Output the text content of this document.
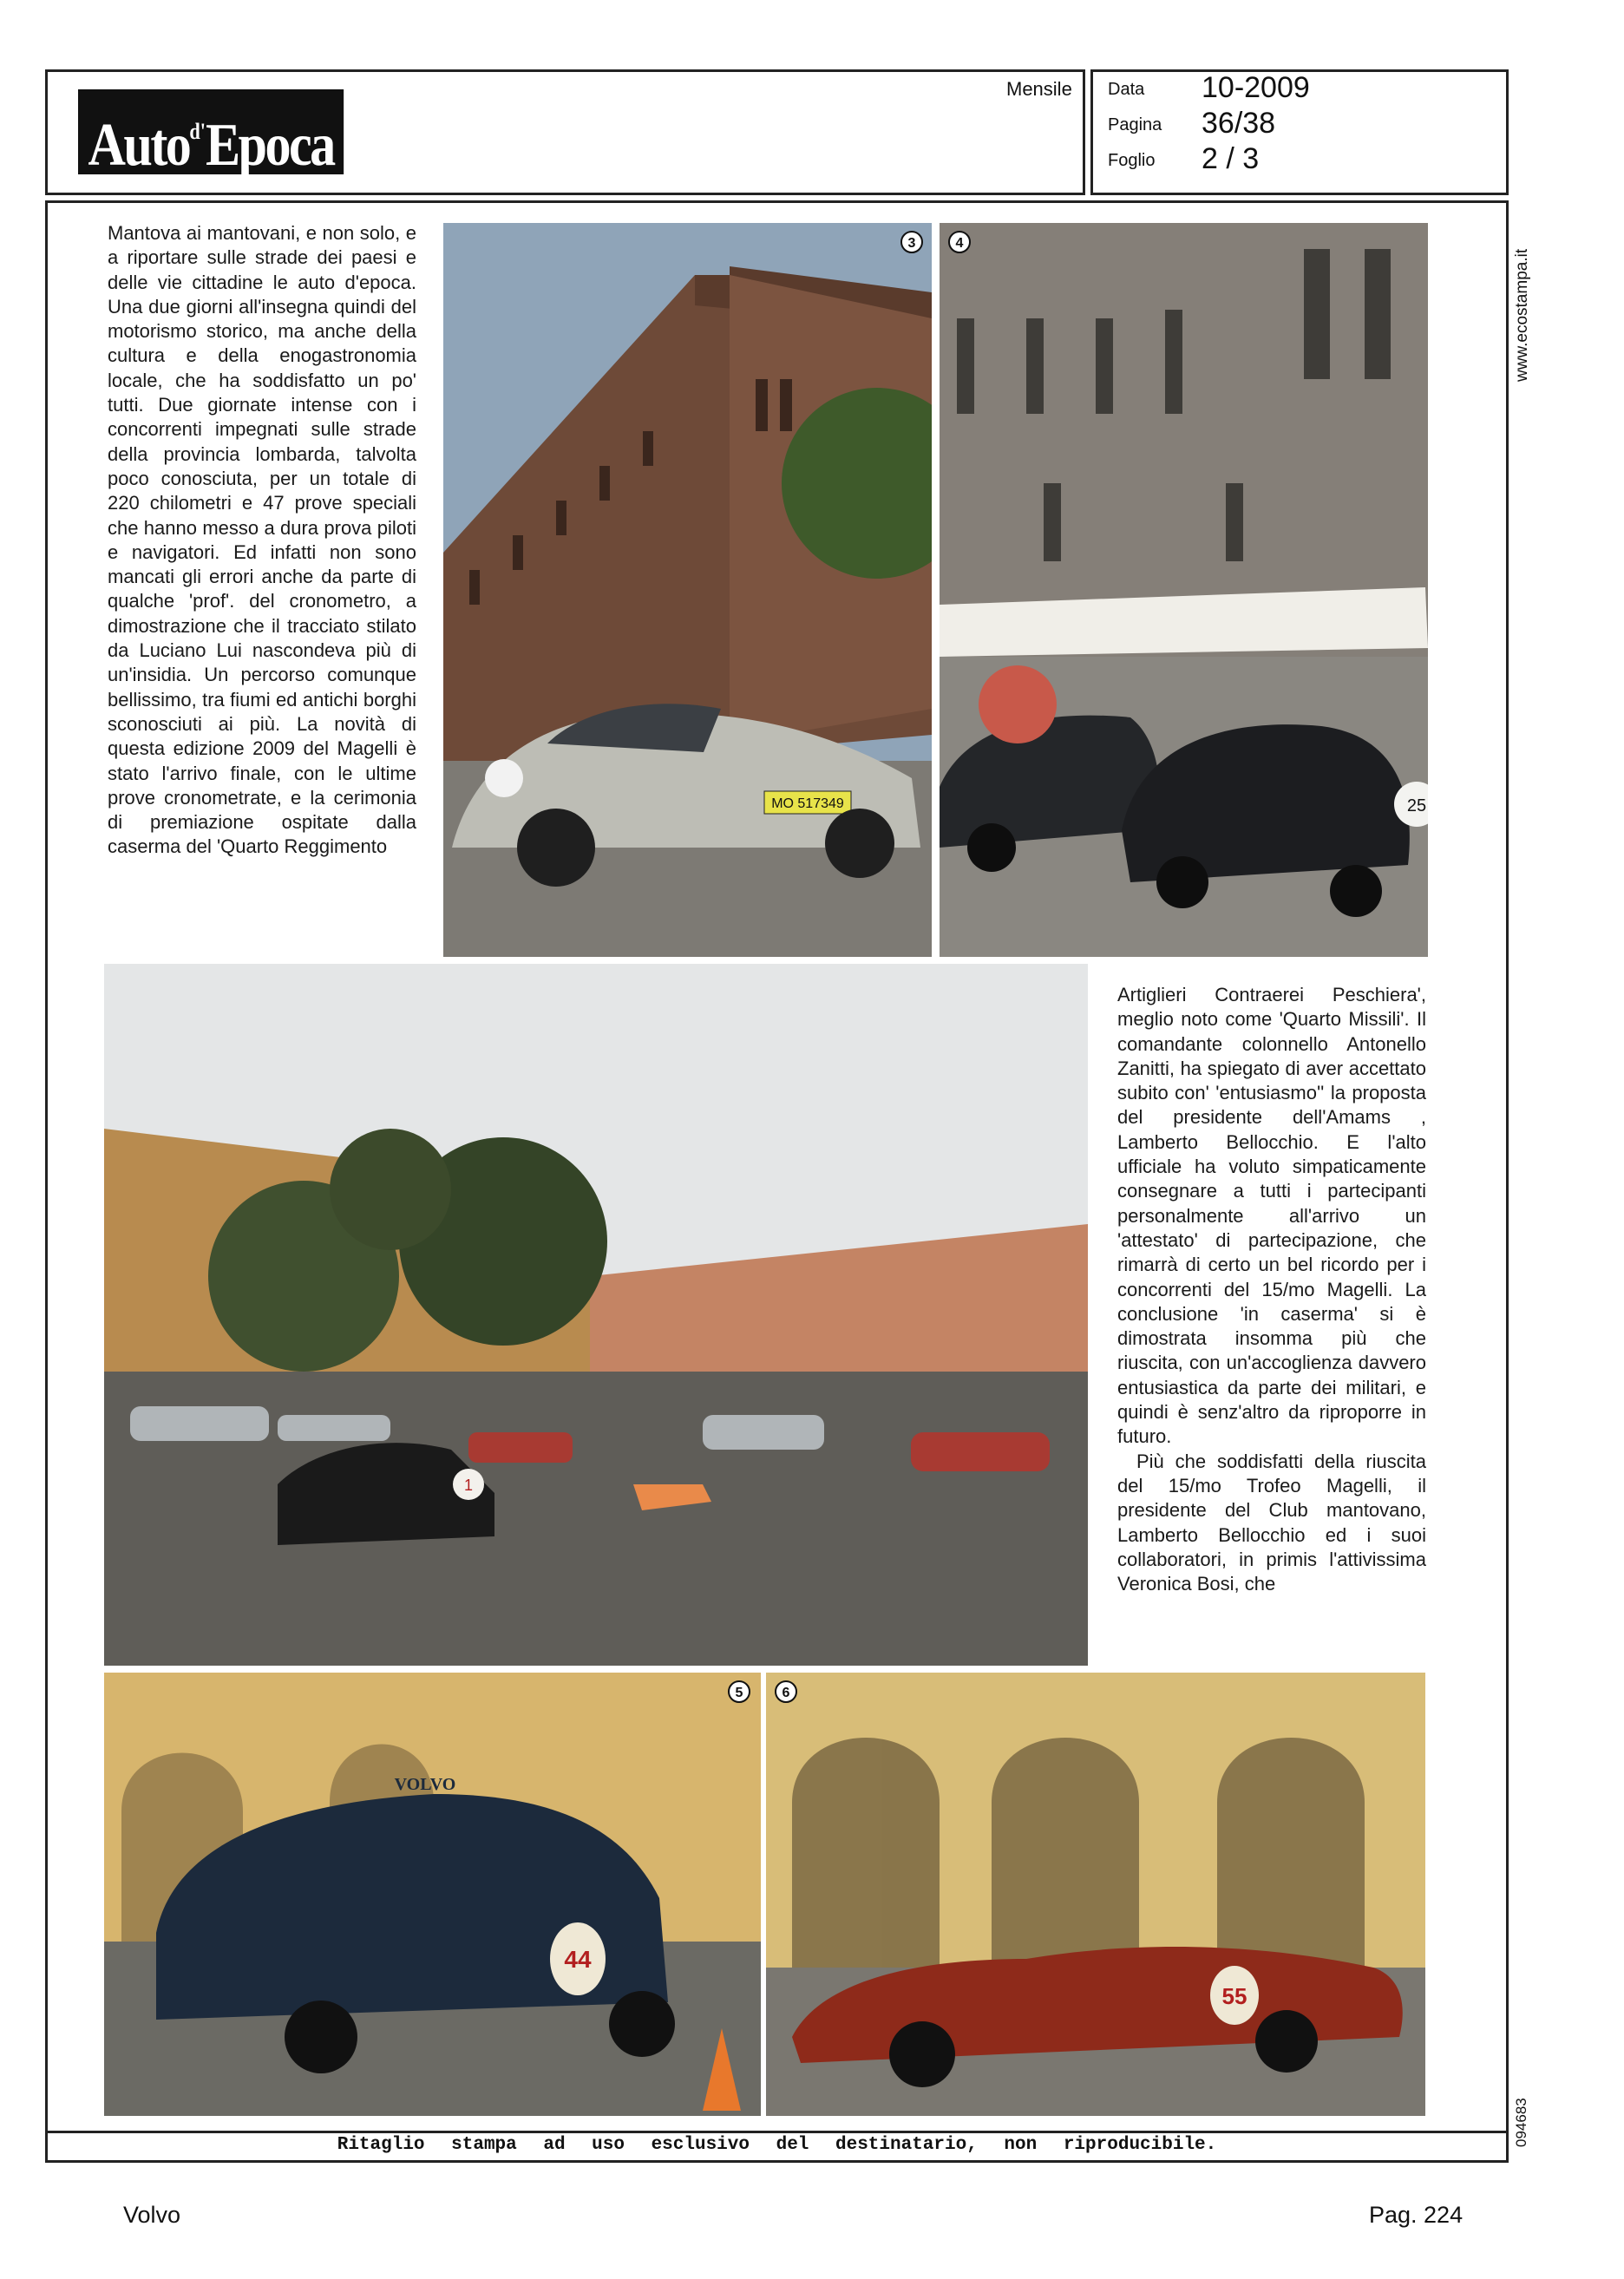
Auto$^{d'}$Epoca
Mensile Data 10-2009
Pagina 36/38
Foglio 2 / 3
www.ecostampa.it
094683

Mantova ai mantovani, e non solo, e a riportare sulle strade dei paesi e delle vie cittadine le auto d'epoca. Una due giorni all'insegna quindi del motorismo storico, ma anche della cultura e della enogastronomia locale, che ha soddisfatto un po' tutti. Due giornate intense con i concorrenti impegnati sulle strade della provincia lombarda, talvolta poco conosciuta, per un totale di 220 chilometri e 47 prove speciali che hanno messo a dura prova piloti e navigatori. Ed infatti non sono mancati gli errori anche da parte di qualche 'prof'. del cronometro, a dimostrazione che il tracciato stilato da Luciano Lui nascondeva più di un'insidia. Un percorso comunque bellissimo, tra fiumi ed antichi borghi sconosciuti ai più. La novità di questa edizione 2009 del Magelli è stato l'arrivo finale, con le ultime prove cronometrate, e la cerimonia di premiazione ospitate dalla caserma del 'Quarto Reggimento

Artiglieri Contraerei Peschiera', meglio noto come 'Quarto Missili'. Il comandante colonnello Antonello Zanitti, ha spiegato di aver accettato subito con' 'entusiasmo'' la proposta del presidente dell'Amams , Lamberto Bellocchio. E l'alto ufficiale ha voluto simpaticamente consegnare a tutti i partecipanti personalmente all'arrivo un 'attestato' di partecipazione, che rimarrà di certo un bel ricordo per i concorrenti del 15/mo Magelli. La conclusione 'in caserma' si è dimostrata insomma più che riuscita, con un'accoglienza davvero entusiastica da parte dei militari, e quindi è senz'altro da riproporre in futuro.

Più che soddisfatti della riuscita del 15/mo Trofeo Magelli, il presidente del Club mantovano, Lamberto Bellocchio ed i suoi collaboratori, in primis l'attivissima Veronica Bosi, che

MO 517349
3
25
4
1
VOLVO
44
5
55
6
Ritaglio stampa ad uso esclusivo del destinatario, non riproducibile.
Volvo	Pag. 224
